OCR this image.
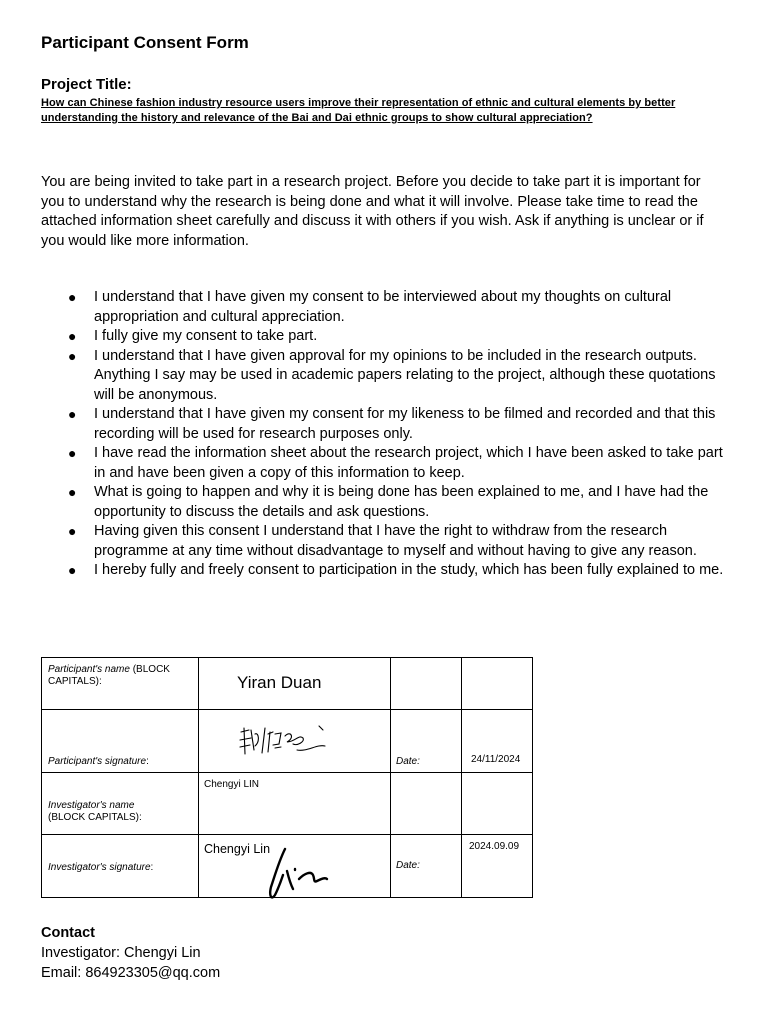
Participant Consent Form
Project Title:
How can Chinese fashion industry resource users improve their representation of ethnic and cultural elements by better understanding the history and relevance of the Bai and Dai ethnic groups to show cultural appreciation?
You are being invited to take part in a research project. Before you decide to take part it is important for you to understand why the research is being done and what it will involve. Please take time to read the attached information sheet carefully and discuss it with others if you wish. Ask if anything is unclear or if you would like more information.
● I understand that I have given my consent to be interviewed about my thoughts on cultural appropriation and cultural appreciation.
● I fully give my consent to take part.
● I understand that I have given approval for my opinions to be included in the research outputs. Anything I say may be used in academic papers relating to the project, although these quotations will be anonymous.
● I understand that I have given my consent for my likeness to be filmed and recorded and that this recording will be used for research purposes only.
● I have read the information sheet about the research project, which I have been asked to take part in and have been given a copy of this information to keep.
● What is going to happen and why it is being done has been explained to me, and I have had the opportunity to discuss the details and ask questions.
● Having given this consent I understand that I have the right to withdraw from the research programme at any time without disadvantage to myself and without having to give any reason.
● I hereby fully and freely consent to participation in the study, which has been fully explained to me.
Participant's name (BLOCK CAPITALS):	Yiran Duan		

Participant's signature:		Date:	24/11/2024

Investigator's name
(BLOCK CAPITALS):	Chengyi LIN		

Investigator's signature:	Chengyi Lin	Date:	2024.09.09
Contact
Investigator: Chengyi Lin
Email: 864923305@qq.com
